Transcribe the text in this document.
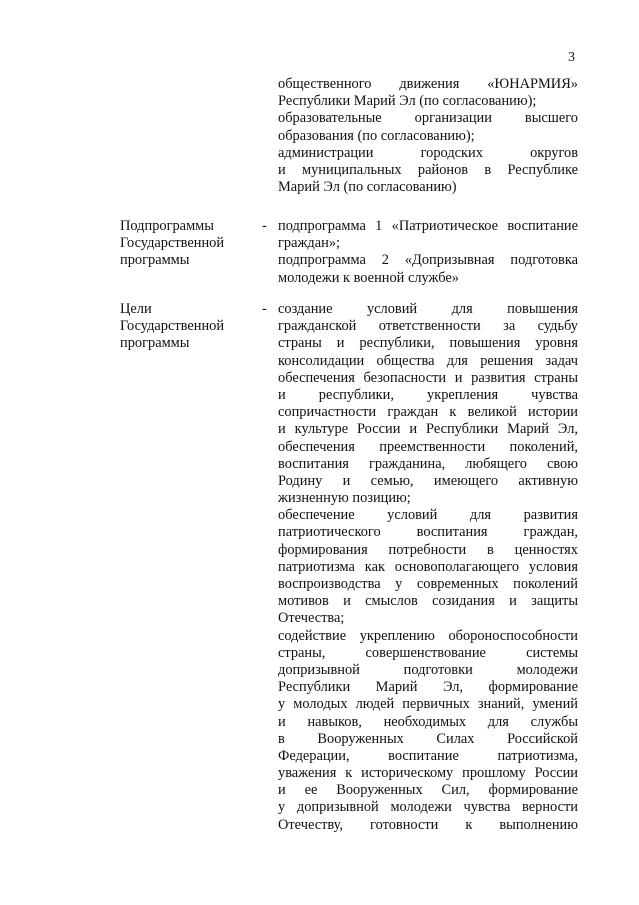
3
общественного движения «ЮНАРМИЯ»
Республики Марий Эл (по согласованию);
образовательные организации высшего
образования (по согласованию);
администрации городских округов
и муниципальных районов в Республике
Марий Эл (по согласованию)
Подпрограммы
Государственной
программы
- подпрограмма 1 «Патриотическое воспитание
граждан»;
подпрограмма 2 «Допризывная подготовка
молодежи к военной службе»
Цели
Государственной
программы
- создание условий для повышения
гражданской ответственности за судьбу
страны и республики, повышения уровня
консолидации общества для решения задач
обеспечения безопасности и развития страны
и республики, укрепления чувства
сопричастности граждан к великой истории
и культуре России и Республики Марий Эл,
обеспечения преемственности поколений,
воспитания гражданина, любящего свою
Родину и семью, имеющего активную
жизненную позицию;
обеспечение условий для развития
патриотического воспитания граждан,
формирования потребности в ценностях
патриотизма как основополагающего условия
воспроизводства у современных поколений
мотивов и смыслов созидания и защиты
Отечества;
содействие укреплению обороноспособности
страны, совершенствование системы
допризывной подготовки молодежи
Республики Марий Эл, формирование
у молодых людей первичных знаний, умений
и навыков, необходимых для службы
в Вооруженных Силах Российской
Федерации, воспитание патриотизма,
уважения к историческому прошлому России
и ее Вооруженных Сил, формирование
у допризывной молодежи чувства верности
Отечеству, готовности к выполнению
